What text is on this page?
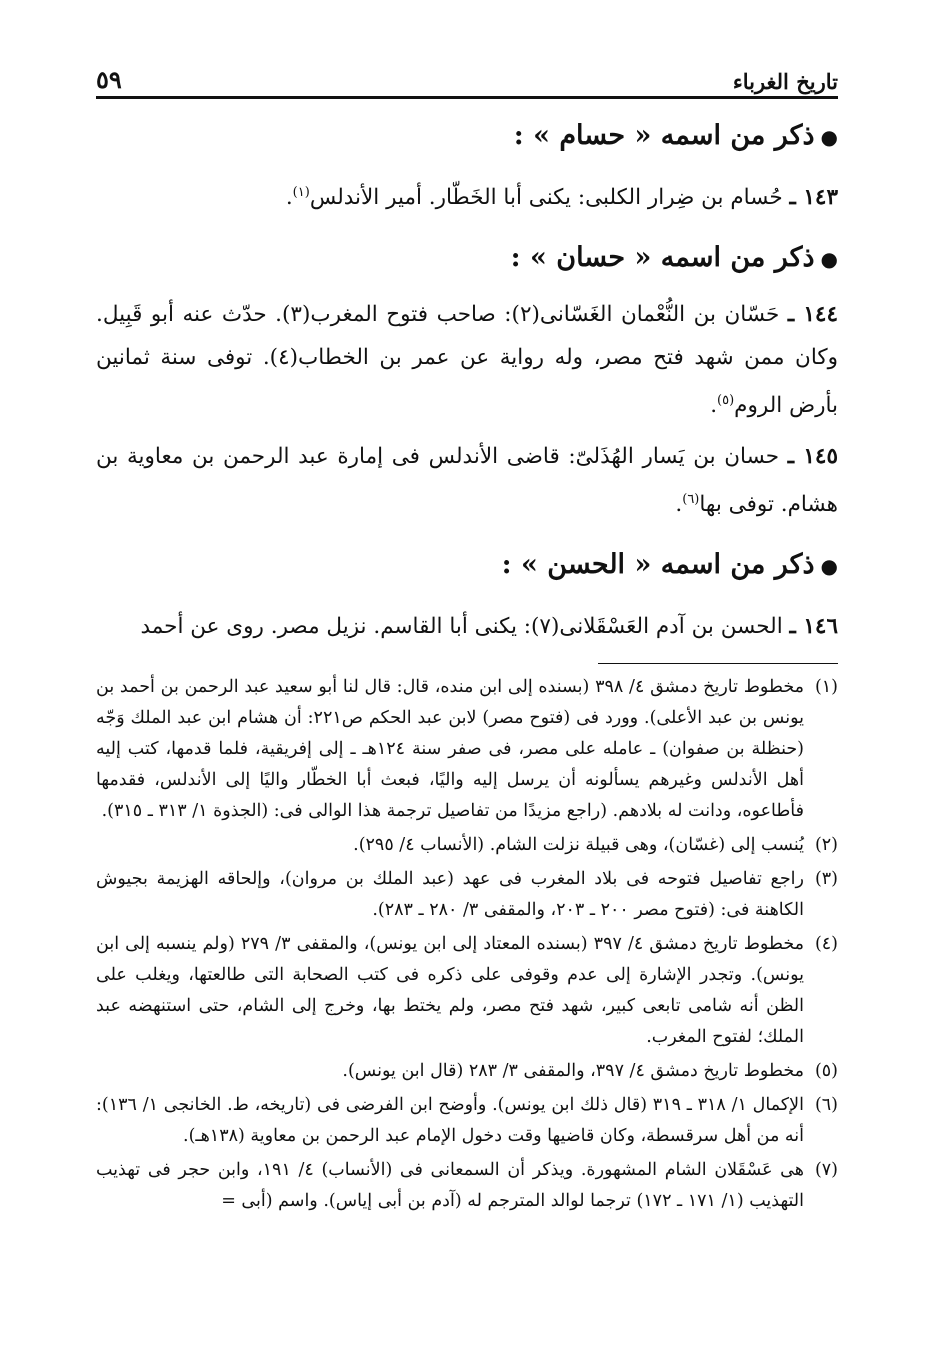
تاريخ الغرباء
٥٩
●ذكر من اسمه « حسام » :
١٤٣ ـ حُسام بن ضِرار الكلبى: يكنى أبا الخَطّار. أمير الأندلس$^{(١)}$.
●ذكر من اسمه « حسان » :
١٤٤ ـ حَسّان بن النُّعْمان الغَسّانى(٢): صاحب فتوح المغرب(٣). حدّث عنه أبو قَبِيل. وكان ممن شهد فتح مصر، وله رواية عن عمر بن الخطاب(٤). توفى سنة ثمانين بأرض الروم$^{(٥)}$.
١٤٥ ـ حسان بن يَسار الهُذَلىّ: قاضى الأندلس فى إمارة عبد الرحمن بن معاوية بن هشام. توفى بها$^{(٦)}$.
●ذكر من اسمه « الحسن » :
١٤٦ ـ الحسن بن آدم العَسْقَلانى(٧): يكنى أبا القاسم. نزيل مصر. روى عن أحمد
(١)
مخطوط تاريخ دمشق ٤/ ٣٩٨ (بسنده إلى ابن منده، قال: قال لنا أبو سعيد عبد الرحمن بن أحمد بن يونس بن عبد الأعلى). وورد فى (فتوح مصر) لابن عبد الحكم ص٢٢١: أن هشام ابن عبد الملك وَجّه (حنظلة بن صفوان) ـ عامله على مصر، فى صفر سنة ١٢٤هـ ـ إلى إفريقية، فلما قدمها، كتب إليه أهل الأندلس وغيرهم يسألونه أن يرسل إليه واليًا، فبعث أبا الخطّار واليًا إلى الأندلس، فقدمها فأطاعوه، ودانت له بلادهم. (راجع مزيدًا من تفاصيل ترجمة هذا الوالى فى: (الجذوة ١/ ٣١٣ ـ ٣١٥).
(٢)
يُنسب إلى (غسّان)، وهى قبيلة نزلت الشام. (الأنساب ٤/ ٢٩٥).
(٣)
راجع تفاصيل فتوحه فى بلاد المغرب فى عهد (عبد الملك بن مروان)، وإلحاقه الهزيمة بجيوش الكاهنة فى: (فتوح مصر ٢٠٠ ـ ٢٠٣، والمقفى ٣/ ٢٨٠ ـ ٢٨٣).
(٤)
مخطوط تاريخ دمشق ٤/ ٣٩٧ (بسنده المعتاد إلى ابن يونس)، والمقفى ٣/ ٢٧٩ (ولم ينسبه إلى ابن يونس). وتجدر الإشارة إلى عدم وقوفى على ذكره فى كتب الصحابة التى طالعتها، ويغلب على الظن أنه شامى تابعى كبير، شهد فتح مصر، ولم يختط بها، وخرج إلى الشام، حتى استنهضه عبد الملك؛ لفتوح المغرب.
(٥)
مخطوط تاريخ دمشق ٤/ ٣٩٧، والمقفى ٣/ ٢٨٣ (قال ابن يونس).
(٦)
الإكمال ١/ ٣١٨ ـ ٣١٩ (قال ذلك ابن يونس). وأوضح ابن الفرضى فى (تاريخه، ط. الخانجى ١/ ١٣٦): أنه من أهل سرقسطة، وكان قاضيها وقت دخول الإمام عبد الرحمن بن معاوية (١٣٨هـ).
(٧)
هى عَسْقَلان الشام المشهورة. ويذكر أن السمعانى فى (الأنساب) ٤/ ١٩١، وابن حجر فى تهذيب التهذيب (١/ ١٧١ ـ ١٧٢) ترجما لوالد المترجم له (آدم بن أبى إياس). واسم (أبى =
